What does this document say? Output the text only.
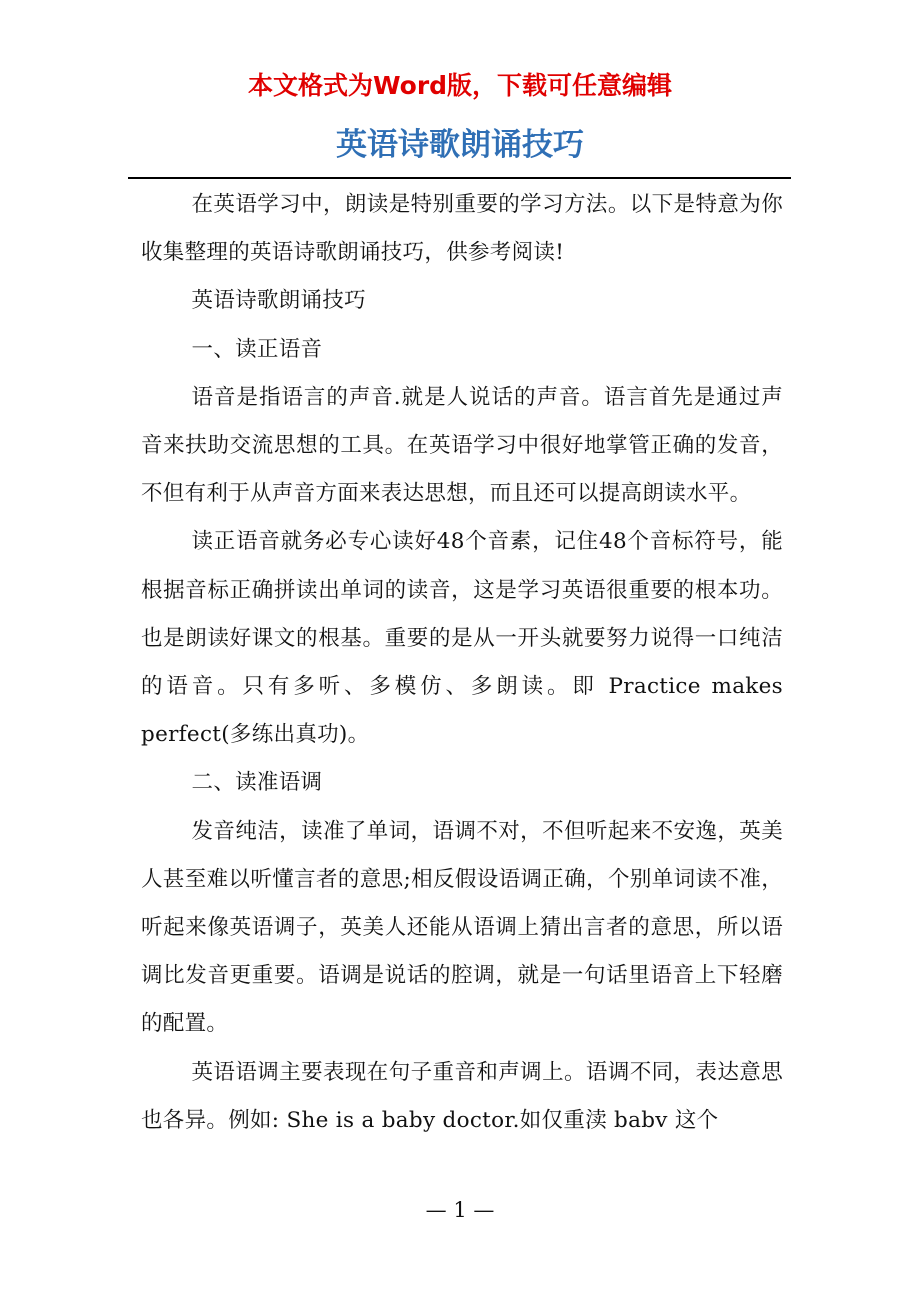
本文格式为Word版，下载可任意编辑
英语诗歌朗诵技巧

在英语学习中，朗读是特别重要的学习方法。以下是特意为你收集整理的英语诗歌朗诵技巧，供参考阅读!

英语诗歌朗诵技巧

一、读正语音

语音是指语言的声音.就是人说话的声音。语言首先是通过声音来扶助交流思想的工具。在英语学习中很好地掌管正确的发音，不但有利于从声音方面来表达思想，而且还可以提高朗读水平。

读正语音就务必专心读好48个音素，记住48个音标符号，能根据音标正确拼读出单词的读音，这是学习英语很重要的根本功。也是朗读好课文的根基。重要的是从一开头就要努力说得一口纯洁的语音。只有多听、多模仿、多朗读。即 Practice makes perfect(多练出真功)。

二、读准语调

发音纯洁，读准了单词，语调不对，不但听起来不安逸，英美人甚至难以听懂言者的意思;相反假设语调正确，个别单词读不准，听起来像英语调子，英美人还能从语调上猜出言者的意思，所以语调比发音更重要。语调是说话的腔调，就是一句话里语音上下轻磨的配置。

英语语调主要表现在句子重音和声调上。语调不同，表达意思也各异。例如: She is a baby doctor.如仅重渎 babv 这个

— 1 —
